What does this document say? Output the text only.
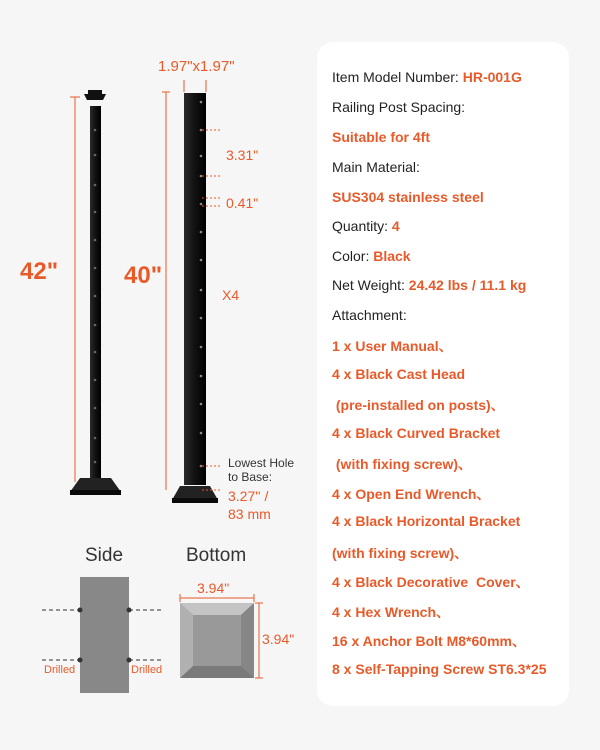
1.97"x1.97"
42"	40"
3.31"
0.41"
X4
Lowest Hole
to Base:
3.27'' /
83 mm
Side	Bottom
Drilled	Drilled
3.94"
3.94"
Item Model Number: HR-001G
Railing Post Spacing:
Suitable for 4ft
Main Material:
SUS304 stainless steel
Quantity: 4
Color: Black
Net Weight: 24.42 lbs / 11.1 kg
Attachment:
1 x User Manual、
4 x Black Cast Head
(pre-installed on posts)、
4 x Black Curved Bracket
(with fixing screw)、
4 x Open End Wrench、
4 x Black Horizontal Bracket
(with fixing screw)、
4 x Black Decorative  Cover、
4 x Hex Wrench、
16 x Anchor Bolt M8*60mm、
8 x Self-Tapping Screw ST6.3*25
